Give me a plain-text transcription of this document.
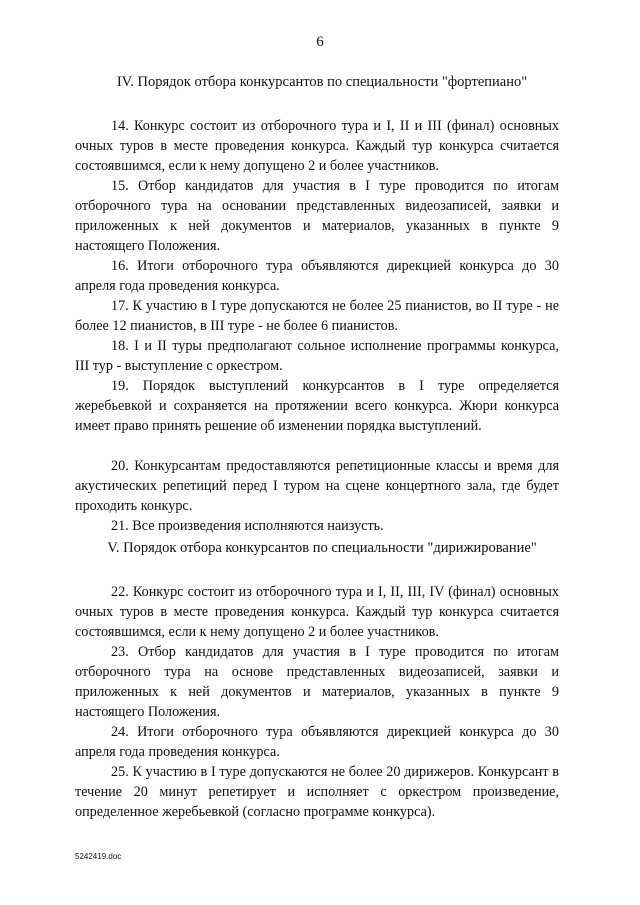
6
IV. Порядок отбора конкурсантов по специальности "фортепиано"
14. Конкурс состоит из отборочного тура и I, II и III (финал) основных очных туров в месте проведения конкурса. Каждый тур конкурса считается состоявшимся, если к нему допущено 2 и более участников.
15. Отбор кандидатов для участия в I туре проводится по итогам отборочного тура на основании представленных видеозаписей, заявки и приложенных к ней документов и материалов, указанных в пункте 9 настоящего Положения.
16. Итоги отборочного тура объявляются дирекцией конкурса до 30 апреля года проведения конкурса.
17. К участию в I туре допускаются не более 25 пианистов, во II туре - не более 12 пианистов, в III туре - не более 6 пианистов.
18. I и II туры предполагают сольное исполнение программы конкурса, III тур - выступление с оркестром.
19. Порядок выступлений конкурсантов в I туре определяется жеребьевкой и сохраняется на протяжении всего конкурса. Жюри конкурса имеет право принять решение об изменении порядка выступлений.
20. Конкурсантам предоставляются репетиционные классы и время для акустических репетиций перед I туром на сцене концертного зала, где будет проходить конкурс.
21. Все произведения исполняются наизусть.
V. Порядок отбора конкурсантов по специальности "дирижирование"
22. Конкурс состоит из отборочного тура и I, II, III, IV (финал) основных очных туров в месте проведения конкурса. Каждый тур конкурса считается состоявшимся, если к нему допущено 2 и более участников.
23. Отбор кандидатов для участия в I туре проводится по итогам отборочного тура на основе представленных видеозаписей, заявки и приложенных к ней документов и материалов, указанных в пункте 9 настоящего Положения.
24. Итоги отборочного тура объявляются дирекцией конкурса до 30 апреля года проведения конкурса.
25. К участию в I туре допускаются не более 20 дирижеров. Конкурсант в течение 20 минут репетирует и исполняет с оркестром произведение, определенное жеребьевкой (согласно программе конкурса).
5242419.doc
